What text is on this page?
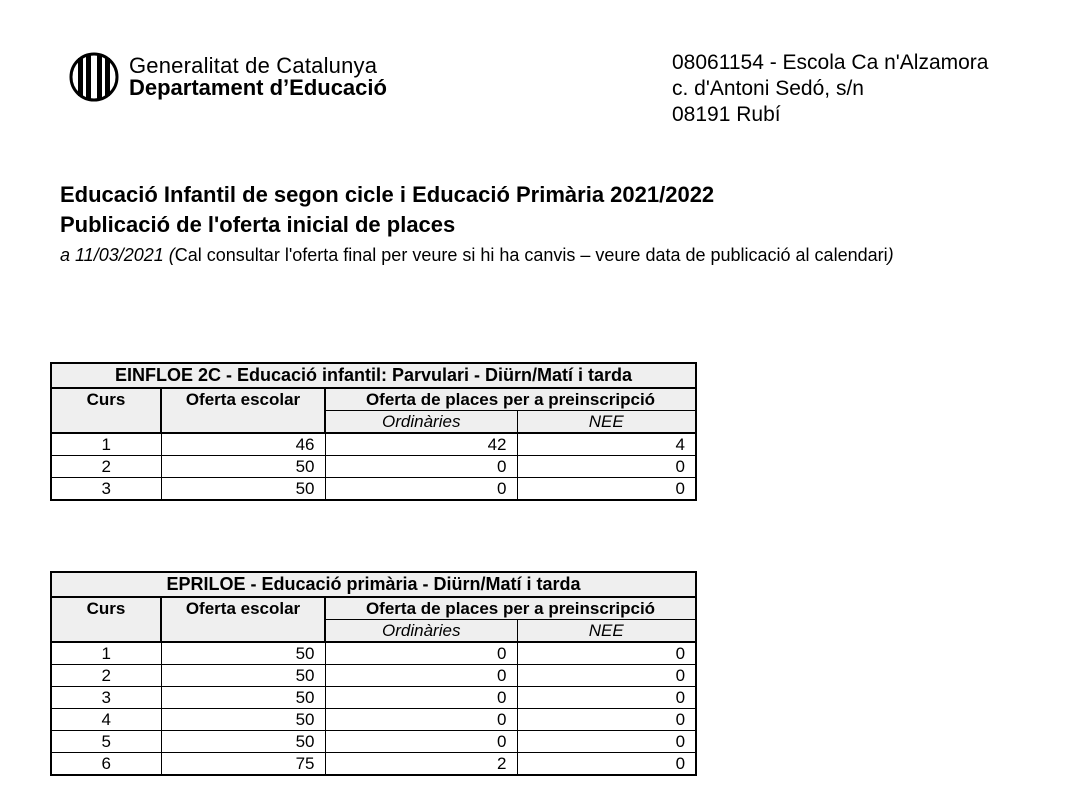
Generalitat de Catalunya
Departament d’Educació
08061154 - Escola Ca n'Alzamora
c. d'Antoni Sedó, s/n
08191 Rubí
Educació Infantil de segon cicle i Educació Primària 2021/2022
Publicació de l'oferta inicial de places
a 11/03/2021 (Cal consultar l'oferta final per veure si hi ha canvis – veure data de publicació al calendari)
EINFLOE 2C - Educació infantil: Parvulari - Diürn/Matí i tarda			
Curs	Oferta escolar	Oferta de places per a preinscripció	
		Ordinàries	NEE
1	46	42	4
2	50	0	0
3	50	0	0
EPRILOE - Educació primària - Diürn/Matí i tarda			
Curs	Oferta escolar	Oferta de places per a preinscripció	
		Ordinàries	NEE
1	50	0	0
2	50	0	0
3	50	0	0
4	50	0	0
5	50	0	0
6	75	2	0
